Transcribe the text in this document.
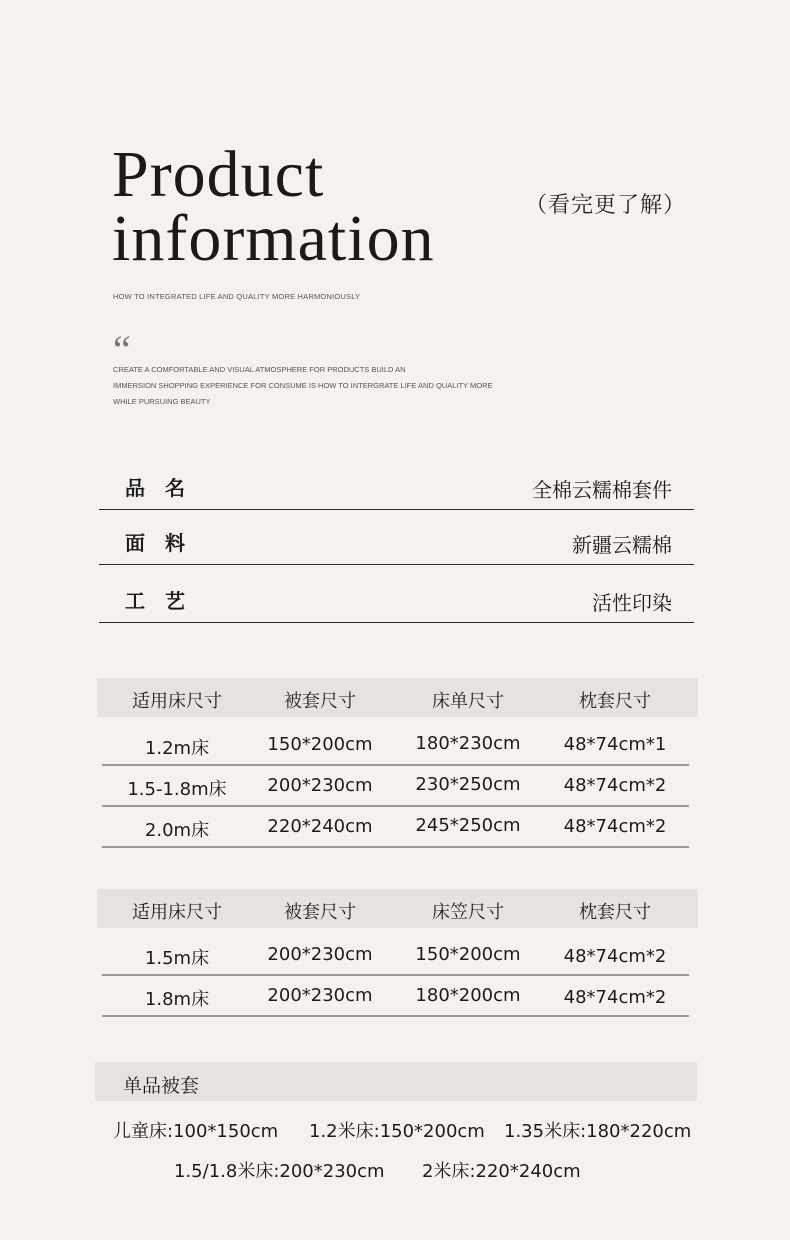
Product
information	（看完更了解）
HOW TO INTEGRATED LIFE AND QUALITY MORE HARMONIOUSLY
“
CREATE A COMFORTABLE AND VISUAL ATMOSPHERE FOR PRODUCTS BUILD AN
IMMERSION SHOPPING EXPERIENCE FOR CONSUME IS HOW TO INTERGRATE LIFE AND QUALITY MORE
WHILE PURSUING BEAUTY
品　名	全棉云糯棉套件
面　料	新疆云糯棉
工　艺	活性印染
适用床尺寸	被套尺寸	床单尺寸	枕套尺寸
1.2m床	150*200cm	180*230cm	48*74cm*1
1.5-1.8m床	200*230cm	230*250cm	48*74cm*2
2.0m床	220*240cm	245*250cm	48*74cm*2
适用床尺寸	被套尺寸	床笠尺寸	枕套尺寸
1.5m床	200*230cm	150*200cm	48*74cm*2
1.8m床	200*230cm	180*200cm	48*74cm*2
单品被套
儿童床:100*150cm 1.2米床:150*200cm 1.35米床:180*220cm
1.5/1.8米床:200*230cm 2米床:220*240cm
